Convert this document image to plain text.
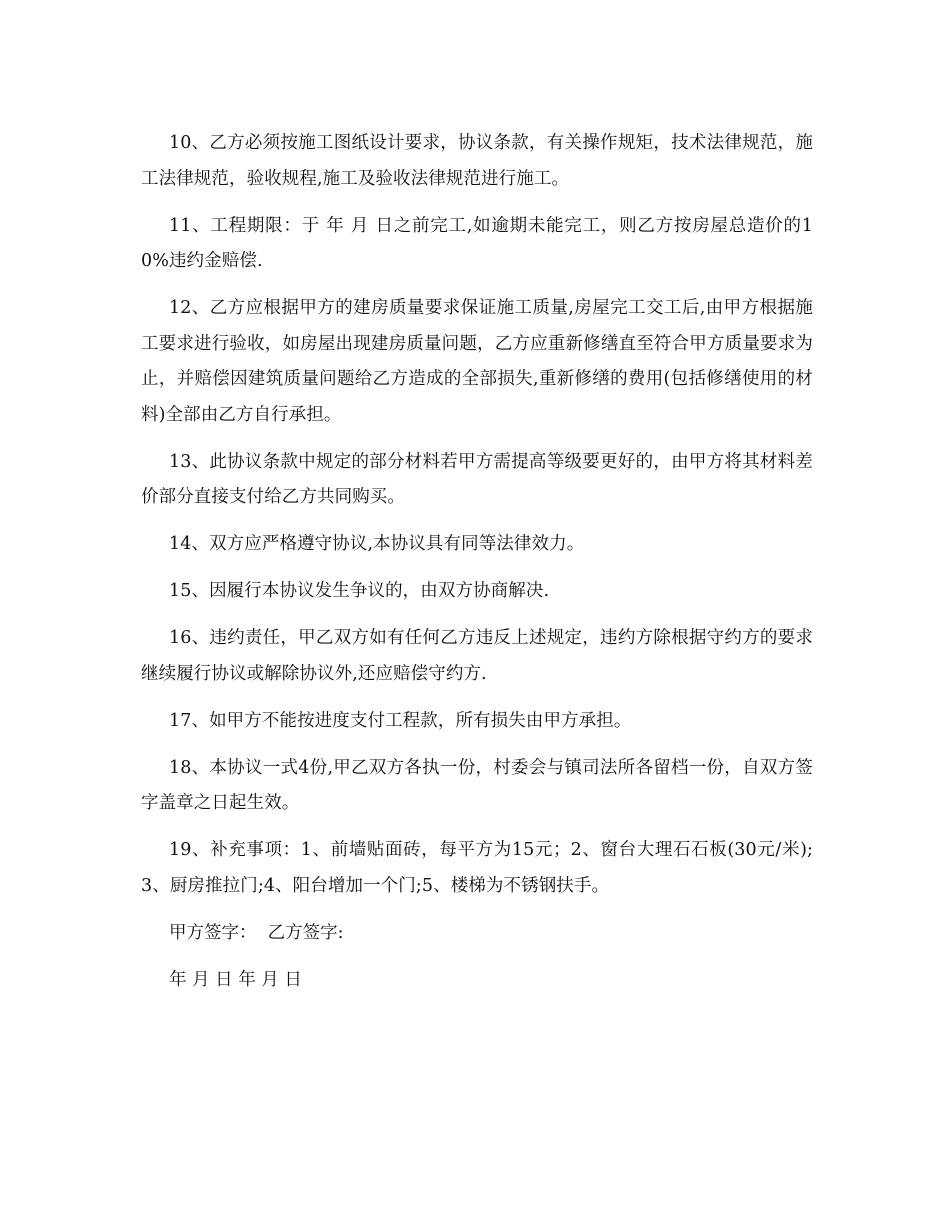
10、乙方必须按施工图纸设计要求，协议条款，有关操作规矩，技术法律规范，施工法律规范，验收规程,施工及验收法律规范进行施工。

11、工程期限：于 年 月 日之前完工,如逾期未能完工，则乙方按房屋总造价的10%违约金赔偿.

12、乙方应根据甲方的建房质量要求保证施工质量,房屋完工交工后,由甲方根据施工要求进行验收，如房屋出现建房质量问题，乙方应重新修缮直至符合甲方质量要求为止，并赔偿因建筑质量问题给乙方造成的全部损失,重新修缮的费用(包括修缮使用的材料)全部由乙方自行承担。

13、此协议条款中规定的部分材料若甲方需提高等级要更好的，由甲方将其材料差价部分直接支付给乙方共同购买。

14、双方应严格遵守协议,本协议具有同等法律效力。

15、因履行本协议发生争议的，由双方协商解决.

16、违约责任，甲乙双方如有任何乙方违反上述规定，违约方除根据守约方的要求继续履行协议或解除协议外,还应赔偿守约方.

17、如甲方不能按进度支付工程款，所有损失由甲方承担。

18、本协议一式4份,甲乙双方各执一份，村委会与镇司法所各留档一份，自双方签字盖章之日起生效。

19、补充事项：1、前墙贴面砖，每平方为15元；2、窗台大理石石板(30元/米);3、厨房推拉门;4、阳台增加一个门;5、楼梯为不锈钢扶手。

甲方签字：  乙方签字:

年 月 日 年 月 日
